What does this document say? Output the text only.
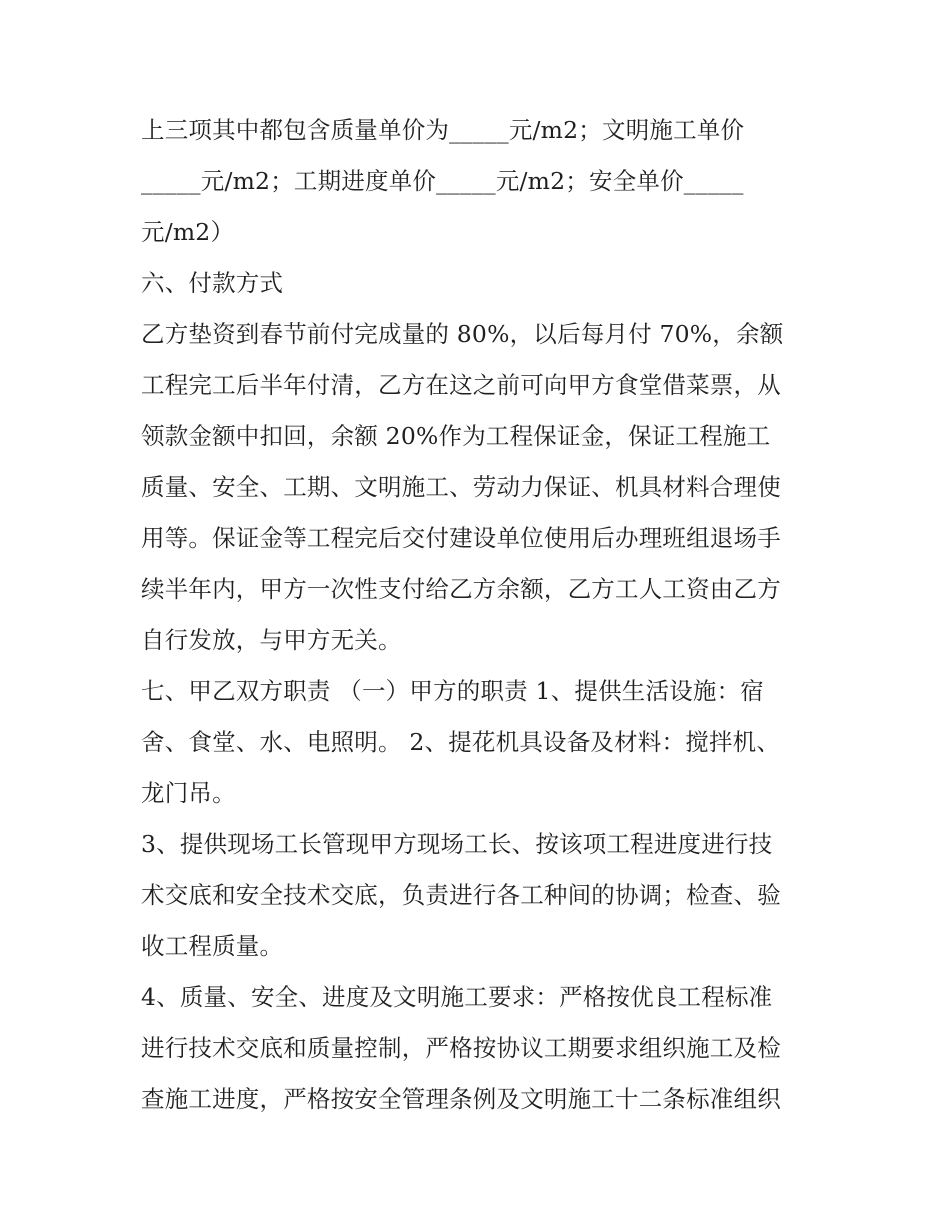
上三项其中都包含质量单价为_____元/m2；文明施工单价
_____元/m2；工期进度单价_____元/m2；安全单价_____
元/m2）
六、付款方式
乙方垫资到春节前付完成量的 80%，以后每月付 70%，余额
工程完工后半年付清，乙方在这之前可向甲方食堂借菜票，从
领款金额中扣回，余额 20%作为工程保证金，保证工程施工
质量、安全、工期、文明施工、劳动力保证、机具材料合理使
用等。保证金等工程完后交付建设单位使用后办理班组退场手
续半年内，甲方一次性支付给乙方余额，乙方工人工资由乙方
自行发放，与甲方无关。
七、甲乙双方职责 （一）甲方的职责 1、提供生活设施：宿
舍、食堂、水、电照明。 2、提花机具设备及材料：搅拌机、
龙门吊。
3、提供现场工长管现甲方现场工长、按该项工程进度进行技
术交底和安全技术交底，负责进行各工种间的协调；检查、验
收工程质量。
4、质量、安全、进度及文明施工要求：严格按优良工程标准
进行技术交底和质量控制，严格按协议工期要求组织施工及检
查施工进度，严格按安全管理条例及文明施工十二条标准组织
